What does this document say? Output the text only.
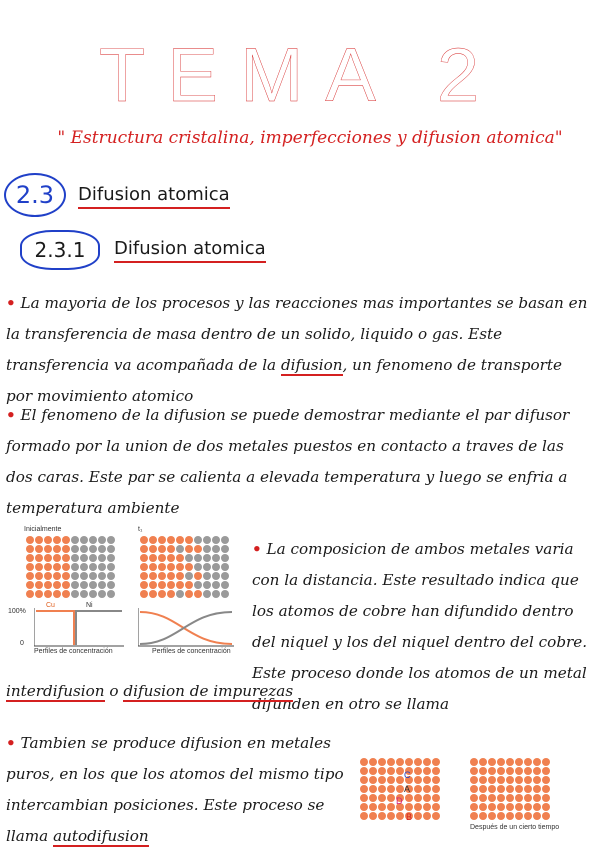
TEMA 2
" Estructura cristalina, imperfecciones y difusion atomica"
2.3	Difusion atomica
2.3.1	Difusion atomica
• La mayoria de los procesos y las reacciones mas importantes se basan en la transferencia de masa dentro de un solido, liquido o gas. Este transferencia va acompañada de la difusion, un fenomeno de transporte por movimiento atomico
• El fenomeno de la difusion se puede demostrar mediante el par difusor formado por la union de dos metales puestos en contacto a traves de las dos caras. Este par se calienta a elevada temperatura y luego se enfria a temperatura ambiente
Inicialmente	t₁
100%
0
Cu	Ni
Perfiles de concentración	Perfiles de concentración
• La composicion de ambos metales varia con la distancia. Este resultado indica que los atomos de cobre han difundido dentro del niquel y los del niquel dentro del cobre. Este proceso donde los atomos de un metal difunden en otro se llama
interdifusion o difusion de impurezas
• Tambien se produce difusion en metales puros, en los que los atomos del mismo tipo intercambian posiciones. Este proceso se llama autodifusion
C
A
D
B
Después de un cierto tiempo
